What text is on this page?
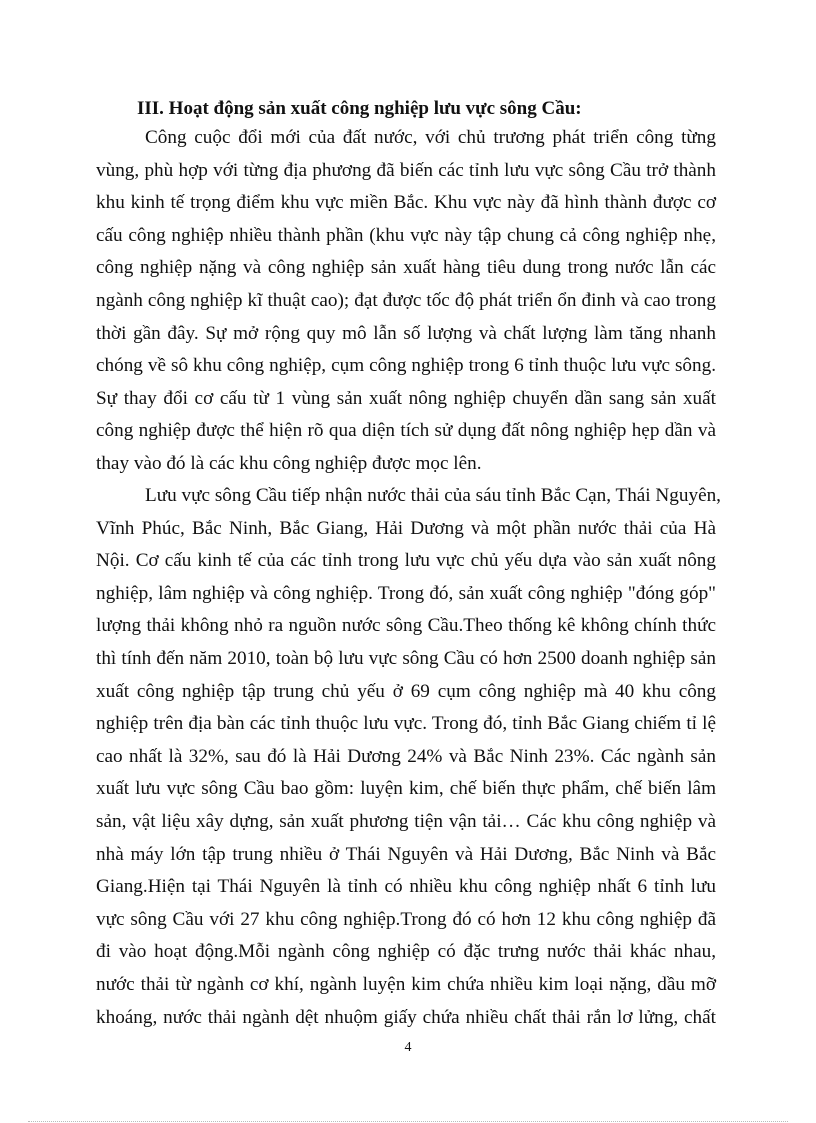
III. Hoạt động sản xuất công nghiệp lưu vực sông Cầu:
Công cuộc đổi mới của đất nước, với chủ trương phát triển công từng
vùng, phù hợp với từng địa phương đã biến các tỉnh lưu vực sông Cầu trở thành
khu kinh tế trọng điểm khu vực miền Bắc. Khu vực này đã hình thành được cơ
cấu công nghiệp nhiều thành phần (khu vực này tập chung cả công nghiệp nhẹ,
công nghiệp nặng và công nghiệp sản xuất hàng tiêu dung trong nước lẫn các
ngành công nghiệp kĩ thuật cao); đạt được tốc độ phát triển ổn đinh và cao trong
thời gần đây. Sự mở rộng quy mô lẫn số lượng và chất lượng làm tăng nhanh
chóng về sô khu công nghiệp, cụm công nghiệp trong 6 tỉnh thuộc lưu vực sông.
Sự thay đổi cơ cấu từ 1 vùng sản xuất nông nghiệp chuyển dần sang sản xuất
công nghiệp được thể hiện rõ qua diện tích sử dụng đất nông nghiệp hẹp dần và
thay vào đó là các khu công nghiệp được mọc lên.
Lưu vực sông Cầu tiếp nhận nước thải của sáu tỉnh Bắc Cạn, Thái Nguyên,
Vĩnh Phúc, Bắc Ninh, Bắc Giang, Hải Dương và một phần nước thải của Hà
Nội. Cơ cấu kinh tế của các tỉnh trong lưu vực chủ yếu dựa vào sản xuất nông
nghiệp, lâm nghiệp và công nghiệp. Trong đó, sản xuất công nghiệp "đóng góp"
lượng thải không nhỏ ra nguồn nước sông Cầu.Theo thống kê không chính thức
thì tính đến năm 2010, toàn bộ lưu vực sông Cầu có hơn 2500 doanh nghiệp sản
xuất công nghiệp tập trung chủ yếu ở 69 cụm công nghiệp mà 40 khu công
nghiệp trên địa bàn các tỉnh thuộc lưu vực. Trong đó, tỉnh Bắc Giang chiếm tỉ lệ
cao nhất là 32%, sau đó là Hải Dương 24% và Bắc Ninh 23%. Các ngành sản
xuất lưu vực sông Cầu bao gồm: luyện kim, chế biến thực phẩm, chế biến lâm
sản, vật liệu xây dựng, sản xuất phương tiện vận tải… Các khu công nghiệp và
nhà máy lớn tập trung nhiều ở Thái Nguyên và Hải Dương, Bắc Ninh và Bắc
Giang.Hiện tại Thái Nguyên là tỉnh có nhiều khu công nghiệp nhất 6 tỉnh lưu
vực sông Cầu với 27 khu công nghiệp.Trong đó có hơn 12 khu công nghiệp đã
đi vào hoạt động.Mỗi ngành công nghiệp có đặc trưng nước thải khác nhau,
nước thải từ ngành cơ khí, ngành luyện kim chứa nhiều kim loại nặng, dầu mỡ
khoáng, nước thải ngành dệt nhuộm giấy chứa nhiều chất thải rắn lơ lửng, chất
4
